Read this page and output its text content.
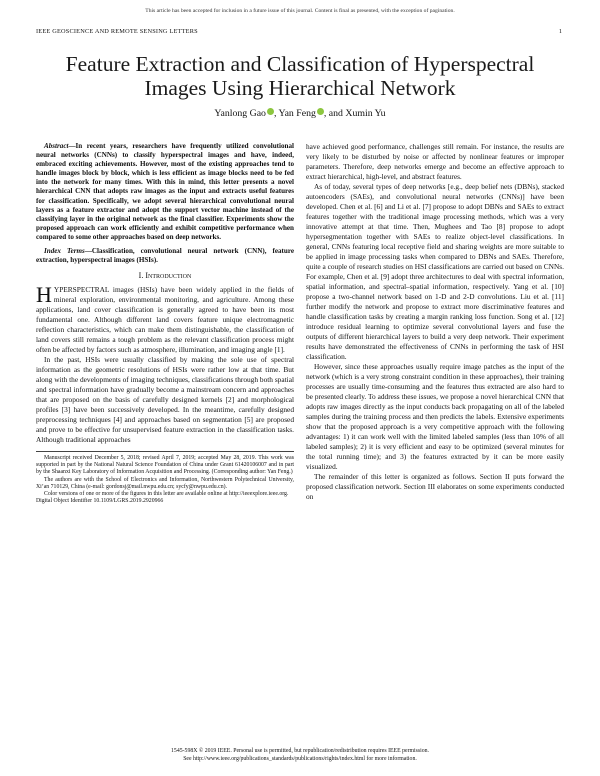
This article has been accepted for inclusion in a future issue of this journal. Content is final as presented, with the exception of pagination.
IEEE GEOSCIENCE AND REMOTE SENSING LETTERS	1
Feature Extraction and Classification of Hyperspectral Images Using Hierarchical Network
Yanlong Gao , Yan Feng , and Xumin Yu

Abstract—In recent years, researchers have frequently utilized convolutional neural networks (CNNs) to classify hyperspectral images and have, indeed, embraced exciting achievements. However, most of the existing approaches tend to handle images block by block, which is less efficient as image blocks need to be fed into the network for many times. With this in mind, this letter presents a novel hierarchical CNN that adopts raw images as the input and extracts useful features for classification. Specifically, we adopt several hierarchical convolutional neural layers as a feature extractor and adopt the support vector machine instead of the classifying layer in the original network as the final classifier. Experiments show the proposed approach can work efficiently and exhibit competitive performance when compared to some other approaches based on deep networks.

Index Terms—Classification, convolutional neural network (CNN), feature extraction, hyperspectral images (HSIs).

I. Introduction

HYPERSPECTRAL images (HSIs) have been widely applied in the fields of mineral exploration, environmental monitoring, and agriculture. Among these applications, land cover classification is generally agreed to have been its most fundamental one. Although different land covers feature unique electromagnetic reflection characteristics, which can make them distinguishable, the classification of land covers still remains a tough problem as the relevant classification process might often be affected by factors such as atmosphere, illumination, and imaging angle [1].

In the past, HSIs were usually classified by making the sole use of spectral information as the geometric resolutions of HSIs were rather low at that time. But along with the developments of imaging techniques, classifications through both spatial and spectral information have gradually become a mainstream concern and approaches that are proposed on the basis of carefully designed kernels [2] and morphological profiles [3] have been successively developed. In the meantime, carefully designed preprocessing techniques [4] and approaches based on segmentation [5] are proposed and prove to be effective for unsupervised feature extraction in the classification tasks. Although traditional approaches

Manuscript received December 5, 2018; revised April 7, 2019; accepted May 28, 2019. This work was supported in part by the National Natural Science Foundation of China under Grant 61420106007 and in part by the Shaanxi Key Laboratory of Information Acquisition and Processing. (Corresponding author: Yan Feng.)

The authors are with the School of Electronics and Information, Northwestern Polytechnical University, Xi’an 710129, China (e-mail: gordonsj@mail.nwpu.edu.cn; sycfy@nwpu.edu.cn).

Color versions of one or more of the figures in this letter are available online at http://ieeexplore.ieee.org.

Digital Object Identifier 10.1109/LGRS.2019.2920966

have achieved good performance, challenges still remain. For instance, the results are very likely to be disturbed by noise or affected by nonlinear features or improper parameters. Therefore, deep networks emerge and become an effective approach to extract hierarchical, high-level, and abstract features.

As of today, several types of deep networks [e.g., deep belief nets (DBNs), stacked autoencoders (SAEs), and convolutional neural networks (CNNs)] have been developed. Chen et al. [6] and Li et al. [7] propose to adopt DBNs and SAEs to extract features together with the traditional image processing methods, which was a very innovative attempt at that time. Then, Mughees and Tao [8] propose to adopt hypersegmentation together with SAEs to realize object-level classifications. In general, CNNs featuring local receptive field and sharing weights are more suitable to be applied in image processing tasks when compared to DBNs and SAEs. Therefore, quite a couple of research studies on HSI classifications are carried out based on CNNs. For example, Chen et al. [9] adopt three architectures to deal with spectral information, spatial information, and spectral–spatial information, respectively. Yang et al. [10] propose a two-channel network based on 1-D and 2-D convolutions. Liu et al. [11] further modify the network and propose to extract more discriminative features and handle classification tasks by creating a margin ranking loss function. Song et al. [12] introduce residual learning to optimize several convolutional layers and fuse the outputs of different hierarchical layers to build a very deep network. Their experiment results have demonstrated the effectiveness of CNNs in performing the task of HSI classification.

However, since these approaches usually require image patches as the input of the network (which is a very strong constraint condition in these approaches), their training processes are usually time-consuming and the features thus extracted are also hard to be presented clearly. To address these issues, we propose a novel hierarchical CNN that adopts raw images directly as the input conducts back propagating on all of the labeled samples during the training process and then predicts the labels. Extensive experiments show that the proposed approach is a very competitive approach with the following advantages: 1) it can work well with the limited labeled samples (less than 10% of all labeled samples); 2) it is very efficient and easy to be optimized (several minutes for the total running time); and 3) the features extracted by it can be more easily visualized.

The remainder of this letter is organized as follows. Section II puts forward the proposed classification network. Section III elaborates on some experiments conducted on

1545-598X © 2019 IEEE. Personal use is permitted, but republication/redistribution requires IEEE permission.
See http://www.ieee.org/publications_standards/publications/rights/index.html for more information.
